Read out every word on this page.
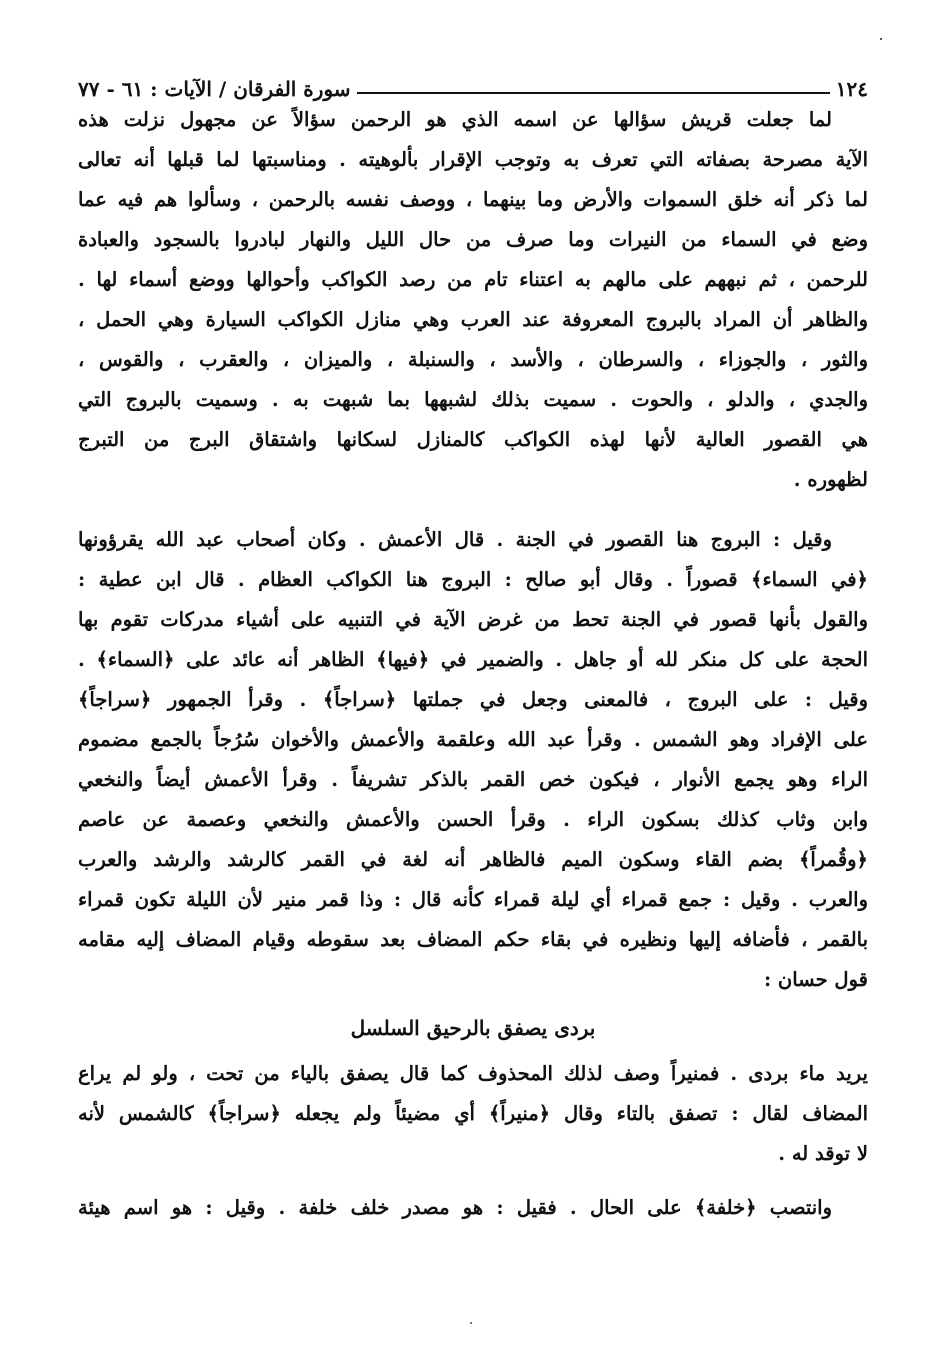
١٢٤
سورة الفرقان / الآيات : ٦١ - ٧٧
لما جعلت قريش سؤالها عن اسمه الذي هو الرحمن سؤالاً عن مجهول نزلت هذه
الآية مصرحة بصفاته التي تعرف به وتوجب الإقرار بألوهيته . ومناسبتها لما قبلها أنه تعالى
لما ذكر أنه خلق السموات والأرض وما بينهما ، ووصف نفسه بالرحمن ، وسألوا هم فيه عما
وضع في السماء من النيرات وما صرف من حال الليل والنهار لبادروا بالسجود والعبادة
للرحمن ، ثم نبههم على مالهم به اعتناء تام من رصد الكواكب وأحوالها ووضع أسماء لها .
والظاهر أن المراد بالبروج المعروفة عند العرب وهي منازل الكواكب السيارة وهي الحمل ،
والثور ، والجوزاء ، والسرطان ، والأسد ، والسنبلة ، والميزان ، والعقرب ، والقوس ،
والجدي ، والدلو ، والحوت . سميت بذلك لشبهها بما شبهت به . وسميت بالبروج التي
هي القصور العالية لأنها لهذه الكواكب كالمنازل لسكانها واشتقاق البرج من التبرج
لظهوره .
وقيل : البروج هنا القصور في الجنة . قال الأعمش . وكان أصحاب عبد الله يقرؤونها
﴿في السماء﴾ قصوراً . وقال أبو صالح : البروج هنا الكواكب العظام . قال ابن عطية :
والقول بأنها قصور في الجنة تحط من غرض الآية في التنبيه على أشياء مدركات تقوم بها
الحجة على كل منكر لله أو جاهل . والضمير في ﴿فيها﴾ الظاهر أنه عائد على ﴿السماء﴾ .
وقيل : على البروج ، فالمعنى وجعل في جملتها ﴿سراجاً﴾ . وقرأ الجمهور ﴿سراجاً﴾
على الإفراد وهو الشمس . وقرأ عبد الله وعلقمة والأعمش والأخوان سُرُجاً بالجمع مضموم
الراء وهو يجمع الأنوار ، فيكون خص القمر بالذكر تشريفاً . وقرأ الأعمش أيضاً والنخعي
وابن وثاب كذلك بسكون الراء . وقرأ الحسن والأعمش والنخعي وعصمة عن عاصم
﴿وقُمراً﴾ بضم القاء وسكون الميم فالظاهر أنه لغة في القمر كالرشد والرشد والعرب
والعرب . وقيل : جمع قمراء أي ليلة قمراء كأنه قال : وذا قمر منير لأن الليلة تكون قمراء
بالقمر ، فأضافه إليها ونظيره في بقاء حكم المضاف بعد سقوطه وقيام المضاف إليه مقامه
قول حسان :
بردى يصفق بالرحيق السلسل
يريد ماء بردى . فمنيراً وصف لذلك المحذوف كما قال يصفق بالياء من تحت ، ولو لم يراع
المضاف لقال : تصفق بالتاء وقال ﴿منيراً﴾ أي مضيئاً ولم يجعله ﴿سراجاً﴾ كالشمس لأنه
لا توقد له .
وانتصب ﴿خلفة﴾ على الحال . فقيل : هو مصدر خلف خلفة . وقيل : هو اسم هيئة
